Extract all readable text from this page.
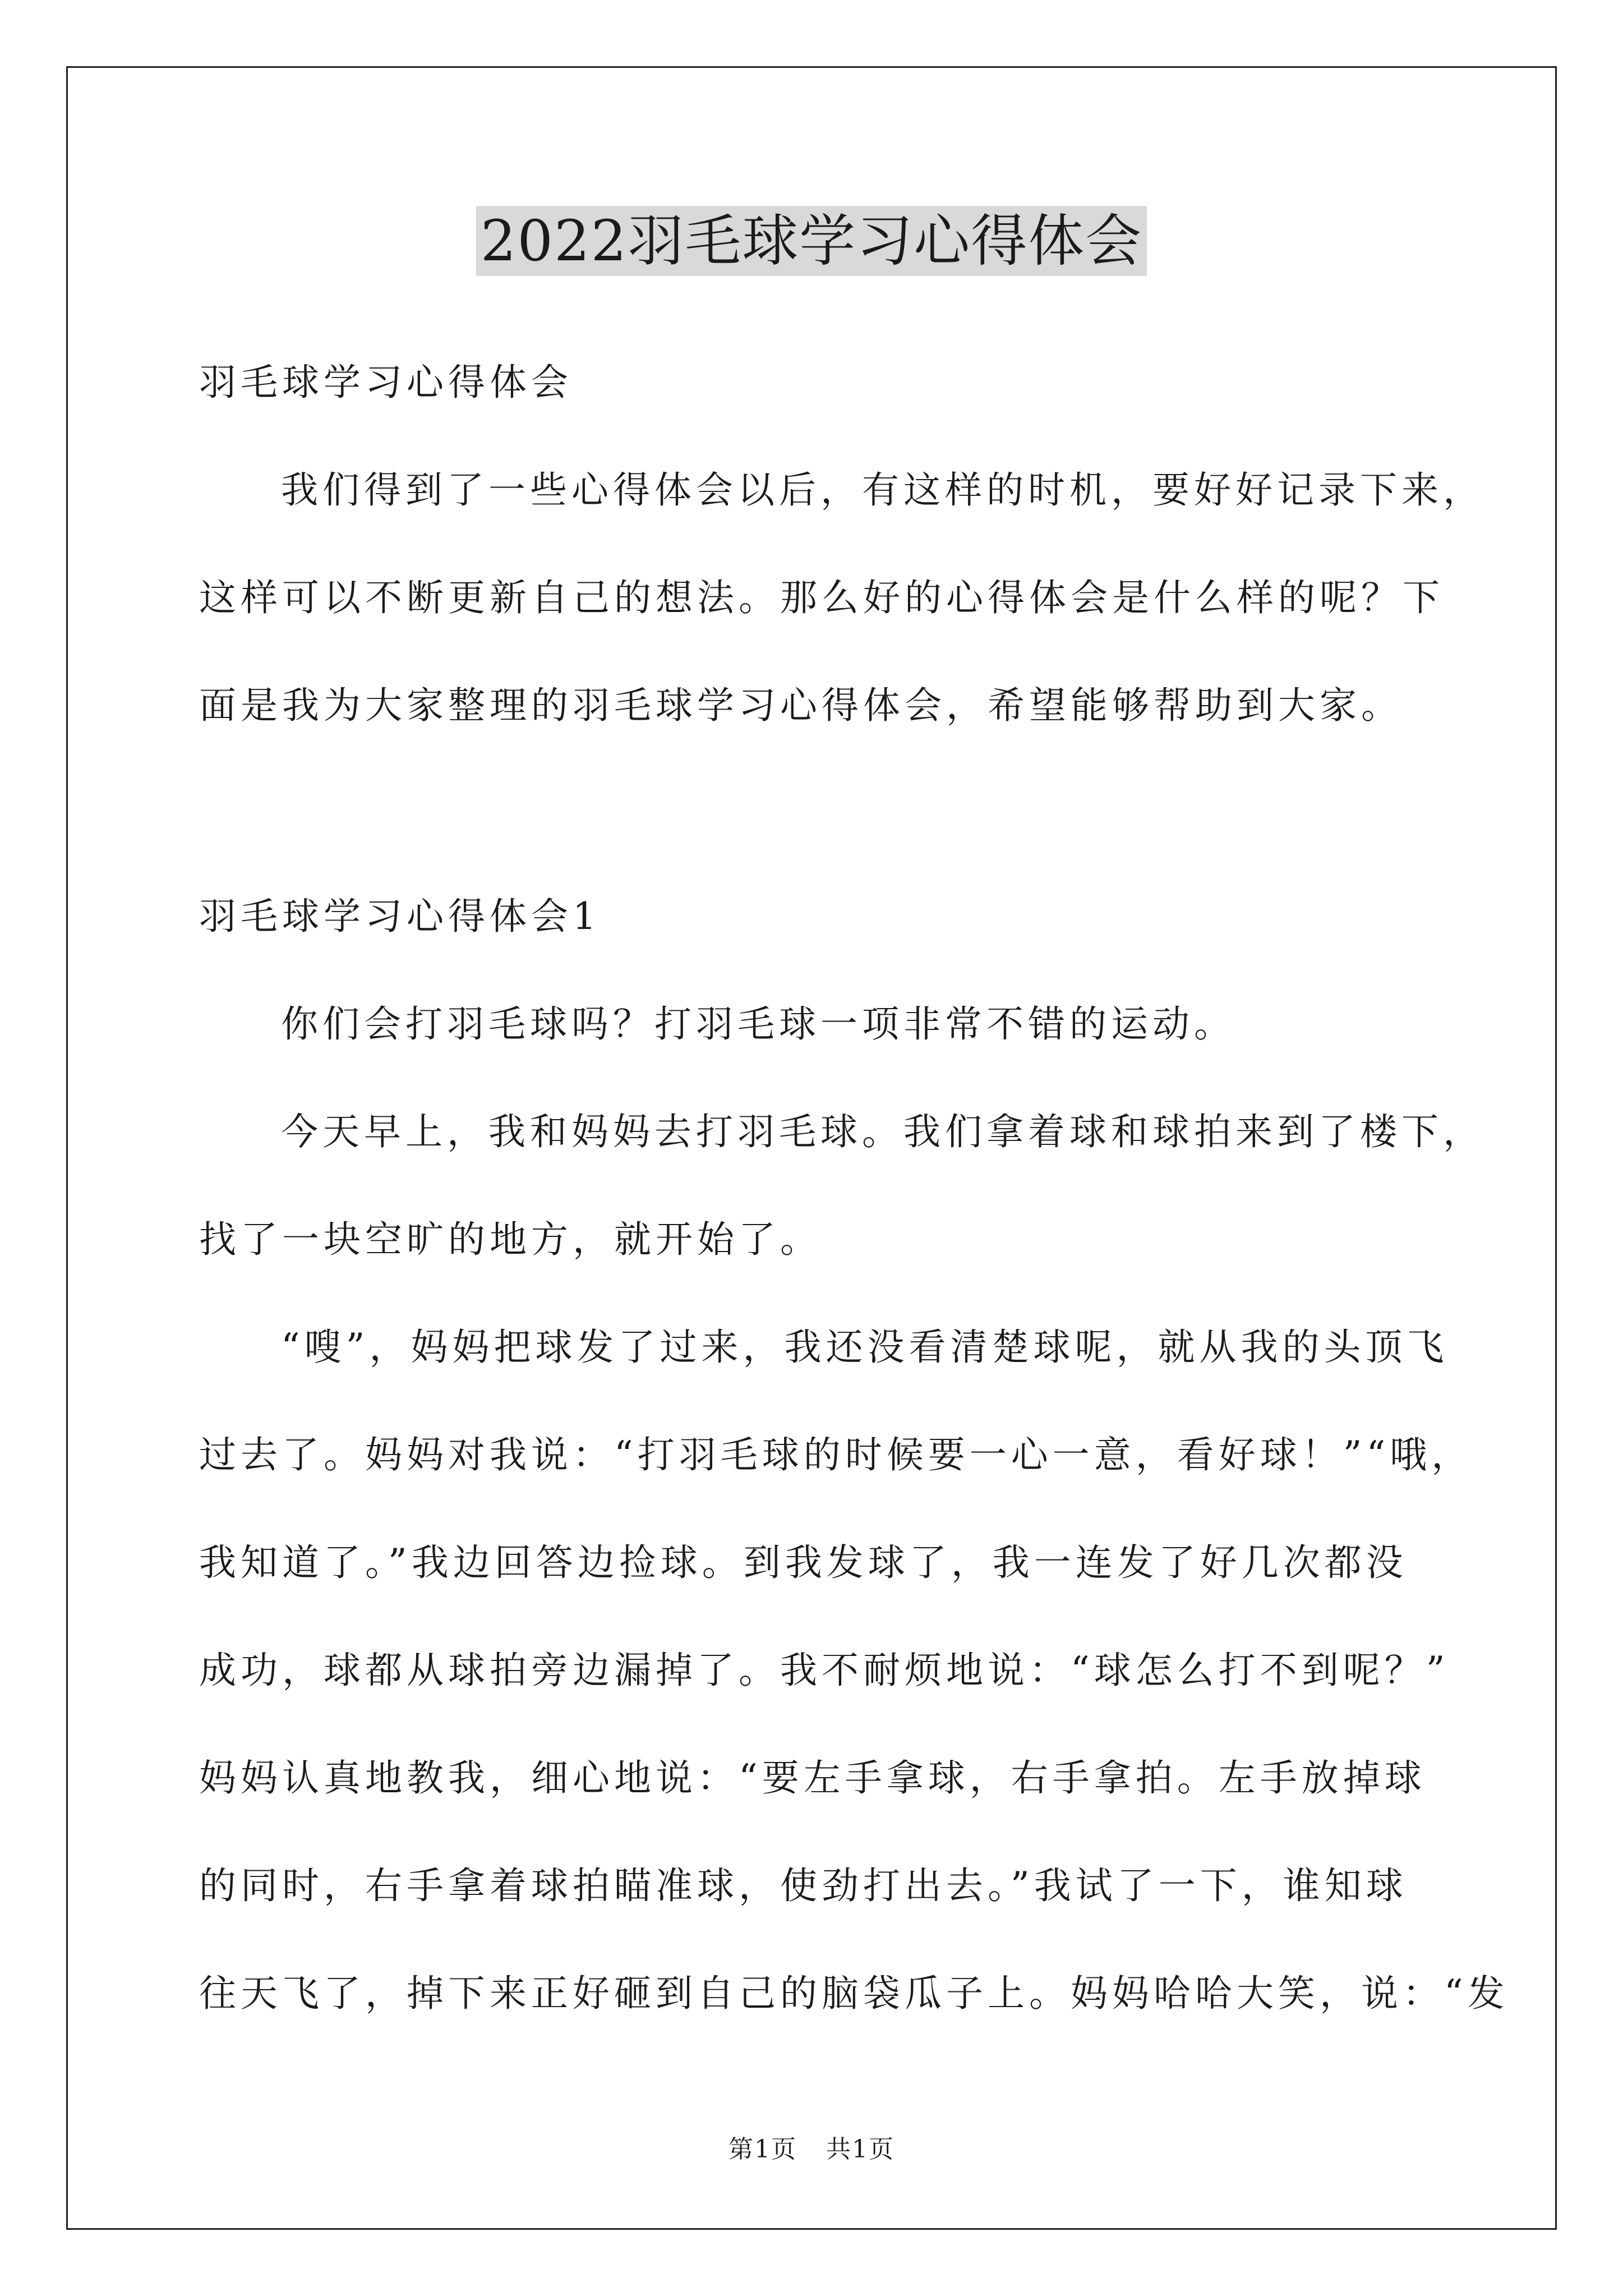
2022羽毛球学习心得体会
羽毛球学习心得体会
我们得到了一些心得体会以后，有这样的时机，要好好记录下来，
这样可以不断更新自己的想法。那么好的心得体会是什么样的呢？下
面是我为大家整理的羽毛球学习心得体会，希望能够帮助到大家。
羽毛球学习心得体会1
你们会打羽毛球吗？打羽毛球一项非常不错的运动。
今天早上，我和妈妈去打羽毛球。我们拿着球和球拍来到了楼下，
找了一块空旷的地方，就开始了。
“嗖”，妈妈把球发了过来，我还没看清楚球呢，就从我的头顶飞
过去了。妈妈对我说：“打羽毛球的时候要一心一意，看好球！”“哦，
我知道了。”我边回答边捡球。到我发球了，我一连发了好几次都没
成功，球都从球拍旁边漏掉了。我不耐烦地说：“球怎么打不到呢？”
妈妈认真地教我，细心地说：“要左手拿球，右手拿拍。左手放掉球
的同时，右手拿着球拍瞄准球，使劲打出去。”我试了一下，谁知球
往天飞了，掉下来正好砸到自己的脑袋瓜子上。妈妈哈哈大笑，说：“发
第1页 共1页
